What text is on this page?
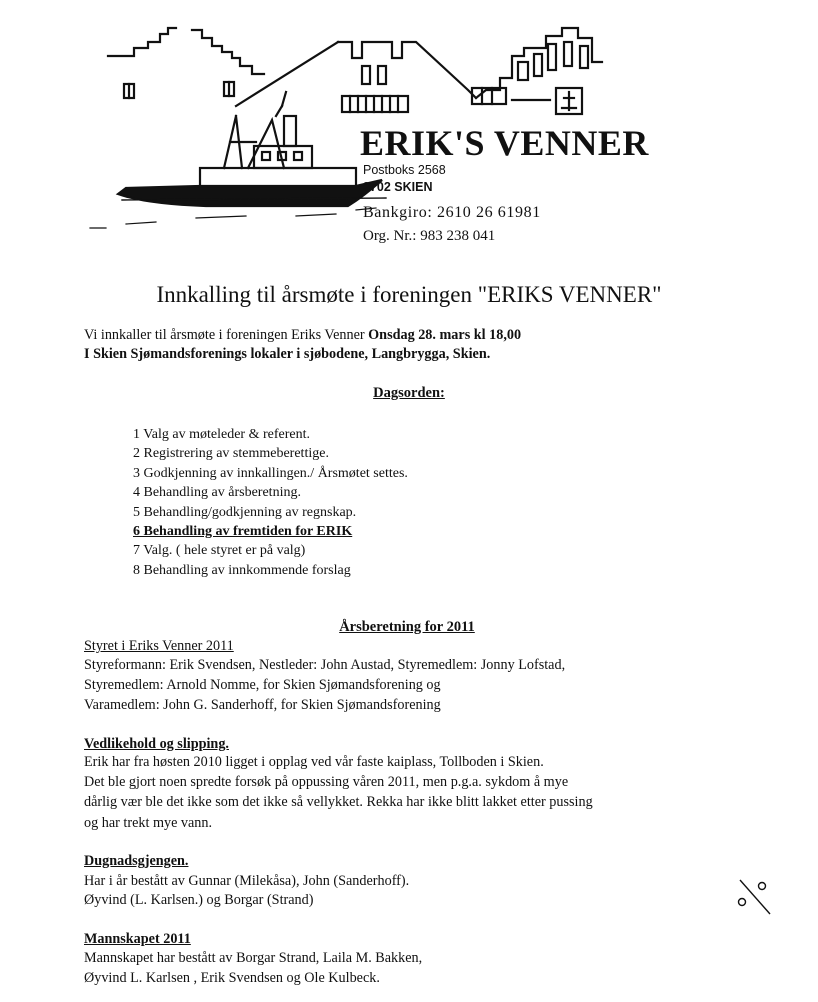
ERIK'S VENNER
Postboks 2568
3702 SKIEN
Bankgiro: 2610 26 61981
Org. Nr.: 983 238 041
Innkalling til årsmøte i foreningen "ERIKS VENNER"
Vi innkaller til årsmøte i foreningen Eriks Venner Onsdag 28. mars kl 18,00
I Skien Sjømandsforenings lokaler i sjøbodene, Langbryggа, Skien.
Dagsorden:
1 Valg av møteleder & referent.
2 Registrering av stemmeberettige.
3 Godkjenning av innkallingen./ Årsmøtet settes.
4 Behandling av årsberetning.
5 Behandling/godkjenning av regnskap.
6 Behandling av fremtiden for ERIK
7 Valg. ( hele styret er på valg)
8 Behandling av innkommende forslag
Årsberetning for 2011
Styret i Eriks Venner 2011
Styreformann: Erik Svendsen, Nestleder: John Austad, Styremedlem: Jonny Lofstad,
Styremedlem: Arnold Nomme, for Skien Sjømandsforening og
Varamedlem: John G. Sanderhoff, for Skien Sjømandsforening
Vedlikehold og slipping.
Erik har fra høsten 2010 ligget i opplag ved vår faste kaiplass, Tollboden i Skien.
Det ble gjort noen spredte forsøk på oppussing våren 2011, men p.g.a. sykdom å mye
dårlig vær ble det ikke som det ikke så vellykket. Rekka har ikke blitt lakket etter pussing
og har trekt mye vann.
Dugnadsgjengen.
Har i år bestått av Gunnar (Milekåsa), John (Sanderhoff).
Øyvind (L. Karlsen.) og Borgar (Strand)
Mannskapet 2011
Mannskapet har bestått av Borgar Strand, Laila M. Bakken,
Øyvind L. Karlsen , Erik Svendsen og Ole Kulbeck.
